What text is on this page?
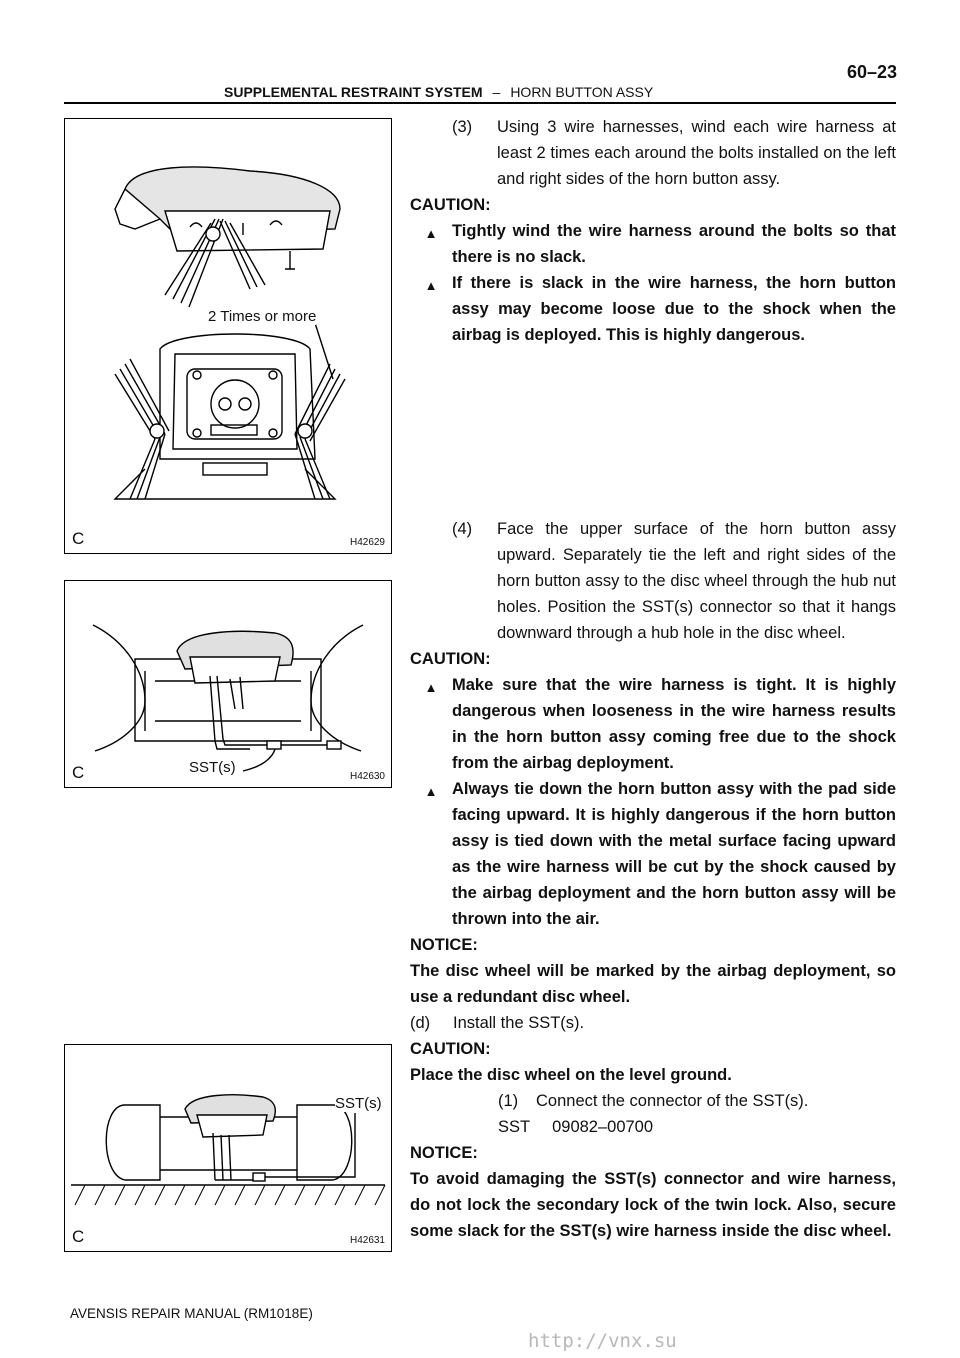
60–23
SUPPLEMENTAL RESTRAINT SYSTEM – HORN BUTTON ASSY
2 Times or more
C	H42629
SST(s)
C	H42630
SST(s)
C	H42631
(3)	Using 3 wire harnesses, wind each wire harness at least 2 times each around the bolts installed on the left and right sides of the horn button assy.
CAUTION:
▲ Tightly wind the wire harness around the bolts so that there is no slack.
▲ If there is slack in the wire harness, the horn button assy may become loose due to the shock when the airbag is deployed. This is highly dangerous.
(4)	Face the upper surface of the horn button assy upward. Separately tie the left and right sides of the horn button assy to the disc wheel through the hub nut holes. Position the SST(s) connector so that it hangs downward through a hub hole in the disc wheel.
CAUTION:
▲ Make sure that the wire harness is tight. It is highly dangerous when looseness in the wire harness results in the horn button assy coming free due to the shock from the airbag deployment.
▲ Always tie down the horn button assy with the pad side facing upward. It is highly dangerous if the horn button assy is tied down with the metal surface facing upward as the wire harness will be cut by the shock caused by the airbag deployment and the horn button assy will be thrown into the air.
NOTICE:
The disc wheel will be marked by the airbag deployment, so use a redundant disc wheel.
(d)	Install the SST(s).
CAUTION:
Place the disc wheel on the level ground.
(1)	Connect the connector of the SST(s).
SST 09082–00700
NOTICE:
To avoid damaging the SST(s) connector and wire harness, do not lock the secondary lock of the twin lock. Also, secure some slack for the SST(s) wire harness inside the disc wheel.
AVENSIS REPAIR MANUAL (RM1018E)
http://vnx.su
